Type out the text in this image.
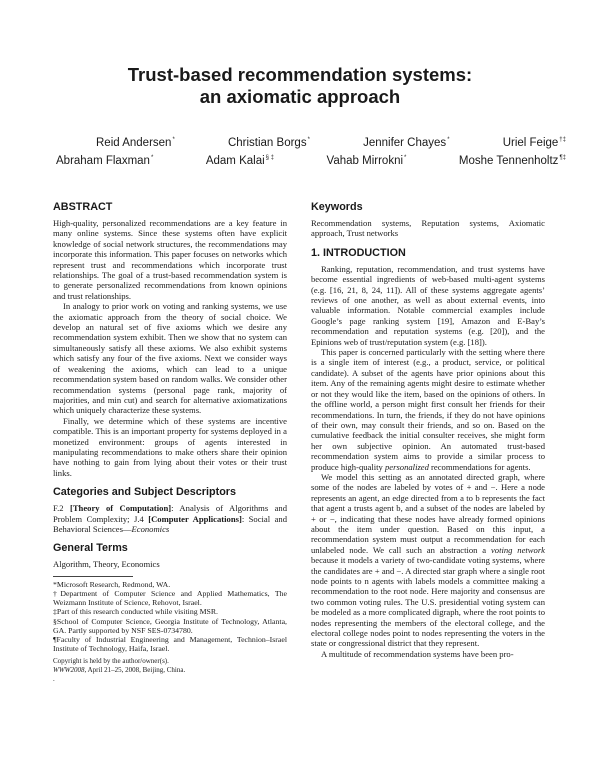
Trust-based recommendation systems:
an axiomatic approach
Reid Andersen*	Christian Borgs*	Jennifer Chayes*	Uriel Feige†‡
Abraham Flaxman*	Adam Kalai§ ‡	Vahab Mirrokni*	Moshe Tennenholtz¶‡
ABSTRACT

High-quality, personalized recommendations are a key feature in many online systems. Since these systems often have explicit knowledge of social network structures, the recommendations may incorporate this information. This paper focuses on networks which represent trust and recommendations which incorporate trust relationships. The goal of a trust-based recommendation system is to generate personalized recommendations from known opinions and trust relationships.

In analogy to prior work on voting and ranking systems, we use the axiomatic approach from the theory of social choice. We develop an natural set of five axioms which we desire any recommendation system exhibit. Then we show that no system can simultaneously satisfy all these axioms. We also exhibit systems which satisfy any four of the five axioms. Next we consider ways of weakening the axioms, which can lead to a unique recommendation system based on random walks. We consider other recommendation systems (personal page rank, majority of majorities, and min cut) and search for alternative axiomatizations which uniquely characterize these systems.

Finally, we determine which of these systems are incentive compatible. This is an important property for systems deployed in a monetized environment: groups of agents interested in manipulating recommendations to make others share their opinion have nothing to gain from lying about their votes or their trust links.

Categories and Subject Descriptors

F.2 [Theory of Computation]: Analysis of Algorithms and Problem Complexity; J.4 [Computer Applications]: Social and Behavioral Sciences—Economics

General Terms

Algorithm, Theory, Economics

*Microsoft Research, Redmond, WA.

†Department of Computer Science and Applied Mathematics, The Weizmann Institute of Science, Rehovot, Israel.

‡Part of this research conducted while visiting MSR.

§School of Computer Science, Georgia Institute of Technology, Atlanta, GA. Partly supported by NSF SES-0734780.

¶Faculty of Industrial Engineering and Management, Technion–Israel Institute of Technology, Haifa, Israel.

Copyright is held by the author/owner(s).
WWW2008, April 21–25, 2008, Beijing, China.
.
Keywords

Recommendation systems, Reputation systems, Axiomatic approach, Trust networks

1. INTRODUCTION

Ranking, reputation, recommendation, and trust systems have become essential ingredients of web-based multi-agent systems (e.g. [16, 21, 8, 24, 11]). All of these systems aggregate agents’ reviews of one another, as well as about external events, into valuable information. Notable commercial examples include Google’s page ranking system [19], Amazon and E-Bay’s recommendation and reputation systems (e.g. [20]), and the Epinions web of trust/reputation system (e.g. [18]).

This paper is concerned particularly with the setting where there is a single item of interest (e.g., a product, service, or political candidate). A subset of the agents have prior opinions about this item. Any of the remaining agents might desire to estimate whether or not they would like the item, based on the opinions of others. In the offline world, a person might first consult her friends for their recommendations. In turn, the friends, if they do not have opinions of their own, may consult their friends, and so on. Based on the cumulative feedback the initial consulter receives, she might form her own subjective opinion. An automated trust-based recommendation system aims to provide a similar process to produce high-quality personalized recommendations for agents.

We model this setting as an annotated directed graph, where some of the nodes are labeled by votes of + and −. Here a node represents an agent, an edge directed from a to b represents the fact that agent a trusts agent b, and a subset of the nodes are labeled by + or −, indicating that these nodes have already formed opinions about the item under question. Based on this input, a recommendation system must output a recommendation for each unlabeled node. We call such an abstraction a voting network because it models a variety of two-candidate voting systems, where the candidates are + and −. A directed star graph where a single root node points to n agents with labels models a committee making a recommendation to the root node. Here majority and consensus are two common voting rules. The U.S. presidential voting system can be modeled as a more complicated digraph, where the root points to nodes representing the members of the electoral college, and the electoral college nodes point to nodes representing the voters in the state or congressional district that they represent.

A multitude of recommendation systems have been pro-
